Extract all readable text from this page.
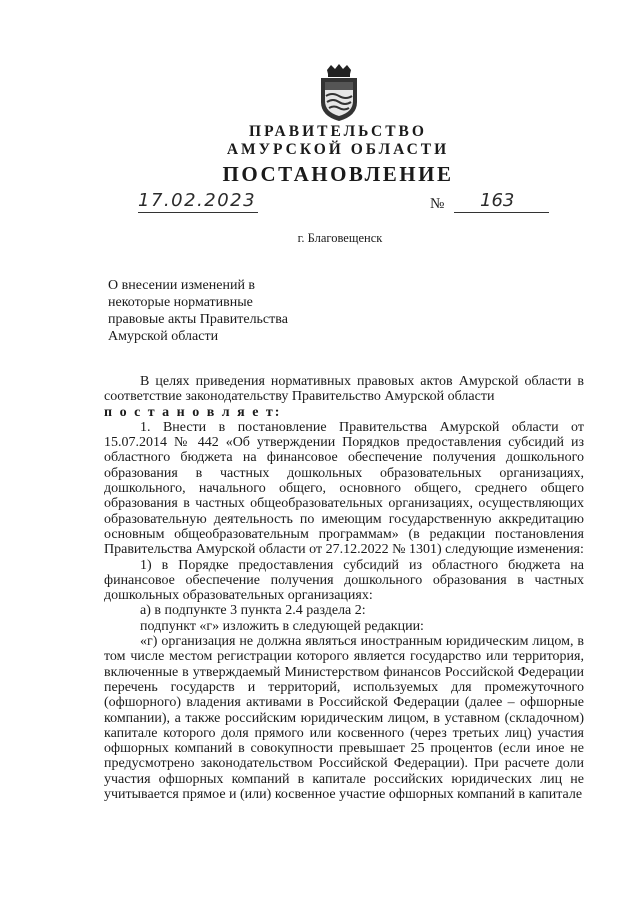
ПРАВИТЕЛЬСТВО
АМУРСКОЙ ОБЛАСТИ
ПОСТАНОВЛЕНИЕ
17.02.2023	№ 163
г. Благовещенск
О внесении изменений в
некоторые нормативные
правовые акты Правительства
Амурской области

В целях приведения нормативных правовых актов Амурской области в соответствие законодательству Правительство Амурской области

п о с т а н о в л я е т:

1. Внести в постановление Правительства Амурской области от 15.07.2014 № 442 «Об утверждении Порядков предоставления субсидий из областного бюджета на финансовое обеспечение получения дошкольного образования в частных дошкольных образовательных организациях, дошкольного, начального общего, основного общего, среднего общего образования в частных общеобразовательных организациях, осуществляющих образовательную деятельность по имеющим государственную аккредитацию основным общеобразовательным программам» (в редакции постановления Правительства Амурской области от 27.12.2022 № 1301) следующие изменения:

1) в Порядке предоставления субсидий из областного бюджета на финансовое обеспечение получения дошкольного образования в частных дошкольных образовательных организациях:

а) в подпункте 3 пункта 2.4 раздела 2:

подпункт «г» изложить в следующей редакции:

«г) организация не должна являться иностранным юридическим лицом, в том числе местом регистрации которого является государство или территория, включенные в утверждаемый Министерством финансов Российской Федерации перечень государств и территорий, используемых для промежуточного (офшорного) владения активами в Российской Федерации (далее – офшорные компании), а также российским юридическим лицом, в уставном (складочном) капитале которого доля прямого или косвенного (через третьих лиц) участия офшорных компаний в совокупности превышает 25 процентов (если иное не предусмотрено законодательством Российской Федерации). При расчете доли участия офшорных компаний в капитале российских юридических лиц не учитывается прямое и (или) косвенное участие офшорных компаний в капитале
